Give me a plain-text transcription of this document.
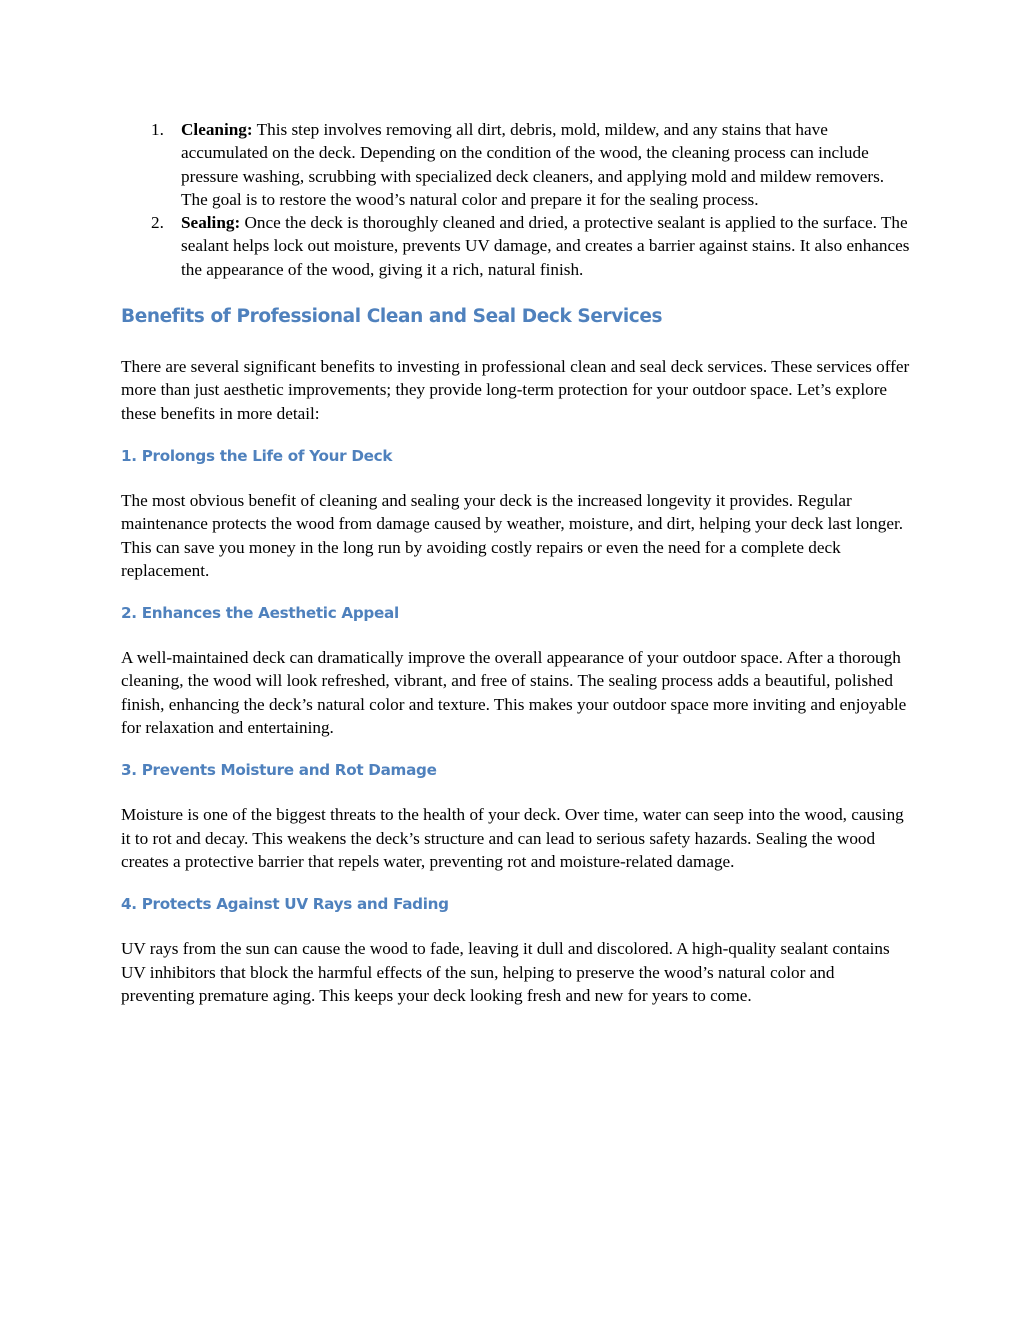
1. Cleaning: This step involves removing all dirt, debris, mold, mildew, and any stains that have accumulated on the deck. Depending on the condition of the wood, the cleaning process can include pressure washing, scrubbing with specialized deck cleaners, and applying mold and mildew removers. The goal is to restore the wood’s natural color and prepare it for the sealing process.
2. Sealing: Once the deck is thoroughly cleaned and dried, a protective sealant is applied to the surface. The sealant helps lock out moisture, prevents UV damage, and creates a barrier against stains. It also enhances the appearance of the wood, giving it a rich, natural finish.
Benefits of Professional Clean and Seal Deck Services

There are several significant benefits to investing in professional clean and seal deck services. These services offer more than just aesthetic improvements; they provide long-term protection for your outdoor space. Let’s explore these benefits in more detail:

1. Prolongs the Life of Your Deck

The most obvious benefit of cleaning and sealing your deck is the increased longevity it provides. Regular maintenance protects the wood from damage caused by weather, moisture, and dirt, helping your deck last longer. This can save you money in the long run by avoiding costly repairs or even the need for a complete deck replacement.

2. Enhances the Aesthetic Appeal

A well-maintained deck can dramatically improve the overall appearance of your outdoor space. After a thorough cleaning, the wood will look refreshed, vibrant, and free of stains. The sealing process adds a beautiful, polished finish, enhancing the deck’s natural color and texture. This makes your outdoor space more inviting and enjoyable for relaxation and entertaining.

3. Prevents Moisture and Rot Damage

Moisture is one of the biggest threats to the health of your deck. Over time, water can seep into the wood, causing it to rot and decay. This weakens the deck’s structure and can lead to serious safety hazards. Sealing the wood creates a protective barrier that repels water, preventing rot and moisture-related damage.

4. Protects Against UV Rays and Fading

UV rays from the sun can cause the wood to fade, leaving it dull and discolored. A high-quality sealant contains UV inhibitors that block the harmful effects of the sun, helping to preserve the wood’s natural color and preventing premature aging. This keeps your deck looking fresh and new for years to come.
